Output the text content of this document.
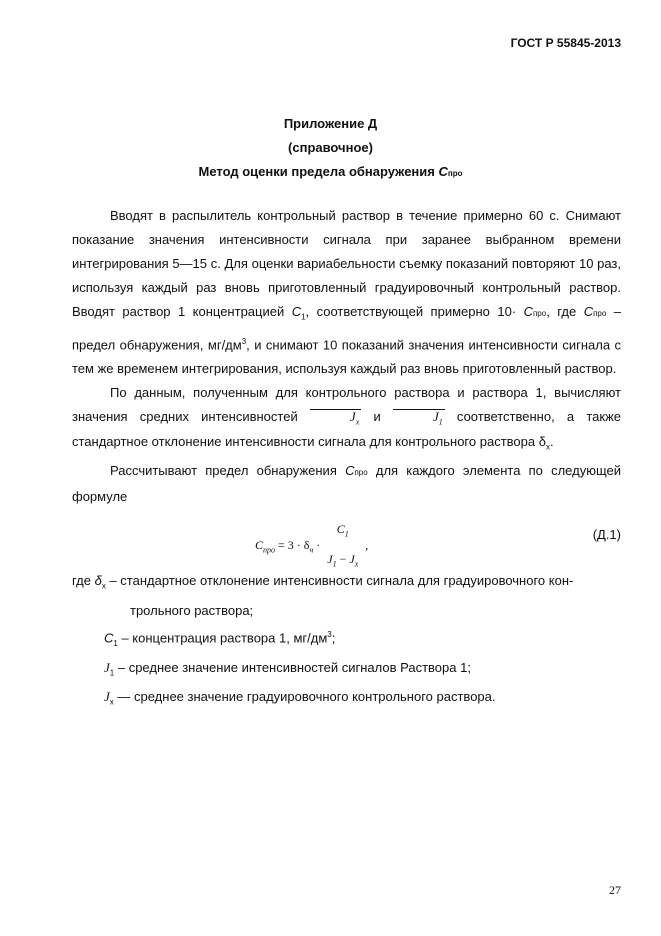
ГОСТ Р 55845-2013
Приложение Д
(справочное)
Метод оценки предела обнаружения Cпро

Вводят в распылитель контрольный раствор в течение примерно 60 с. Снимают показание значения интенсивности сигнала при заранее выбранном времени интегрирования 5—15 с. Для оценки вариабельности съемку показаний повторяют 10 раз, используя каждый раз вновь приготовленный градуировочный контрольный раствор. Вводят раствор 1 концентрацией $C_1$, соответствующей примерно 10· Cпро, где Cпро – предел обнаружения, $мг/дм^3$, и снимают 10 показаний значения интенсивности сигнала с тем же временем интегрирования, используя каждый раз вновь приготовленный раствор.

По данным, полученным для контрольного раствора и раствора 1, вычисляют значения средних интенсивностей	$J_x$ и	$J_1$ соответственно, а также стандартное отклонение интенсивности сигнала для контрольного раствора $\delta_x$.

Рассчитывают предел обнаружения Cпро для каждого элемента по следующей формуле

$C_{про} = 3 \cdot \delta_ч$ ·
$C_1$
$J_1 - J_x$
,
(Д.1)
где $\delta_x$ – стандартное отклонение интенсивности сигнала для градуировочного кон-
трольного раствора;
$C_1$ – концентрация раствора 1, $мг/дм^3$;
$J_1$ – среднее значение интенсивностей сигналов Раствора 1;
$J_x$ — среднее значение градуировочного контрольного раствора.
27
